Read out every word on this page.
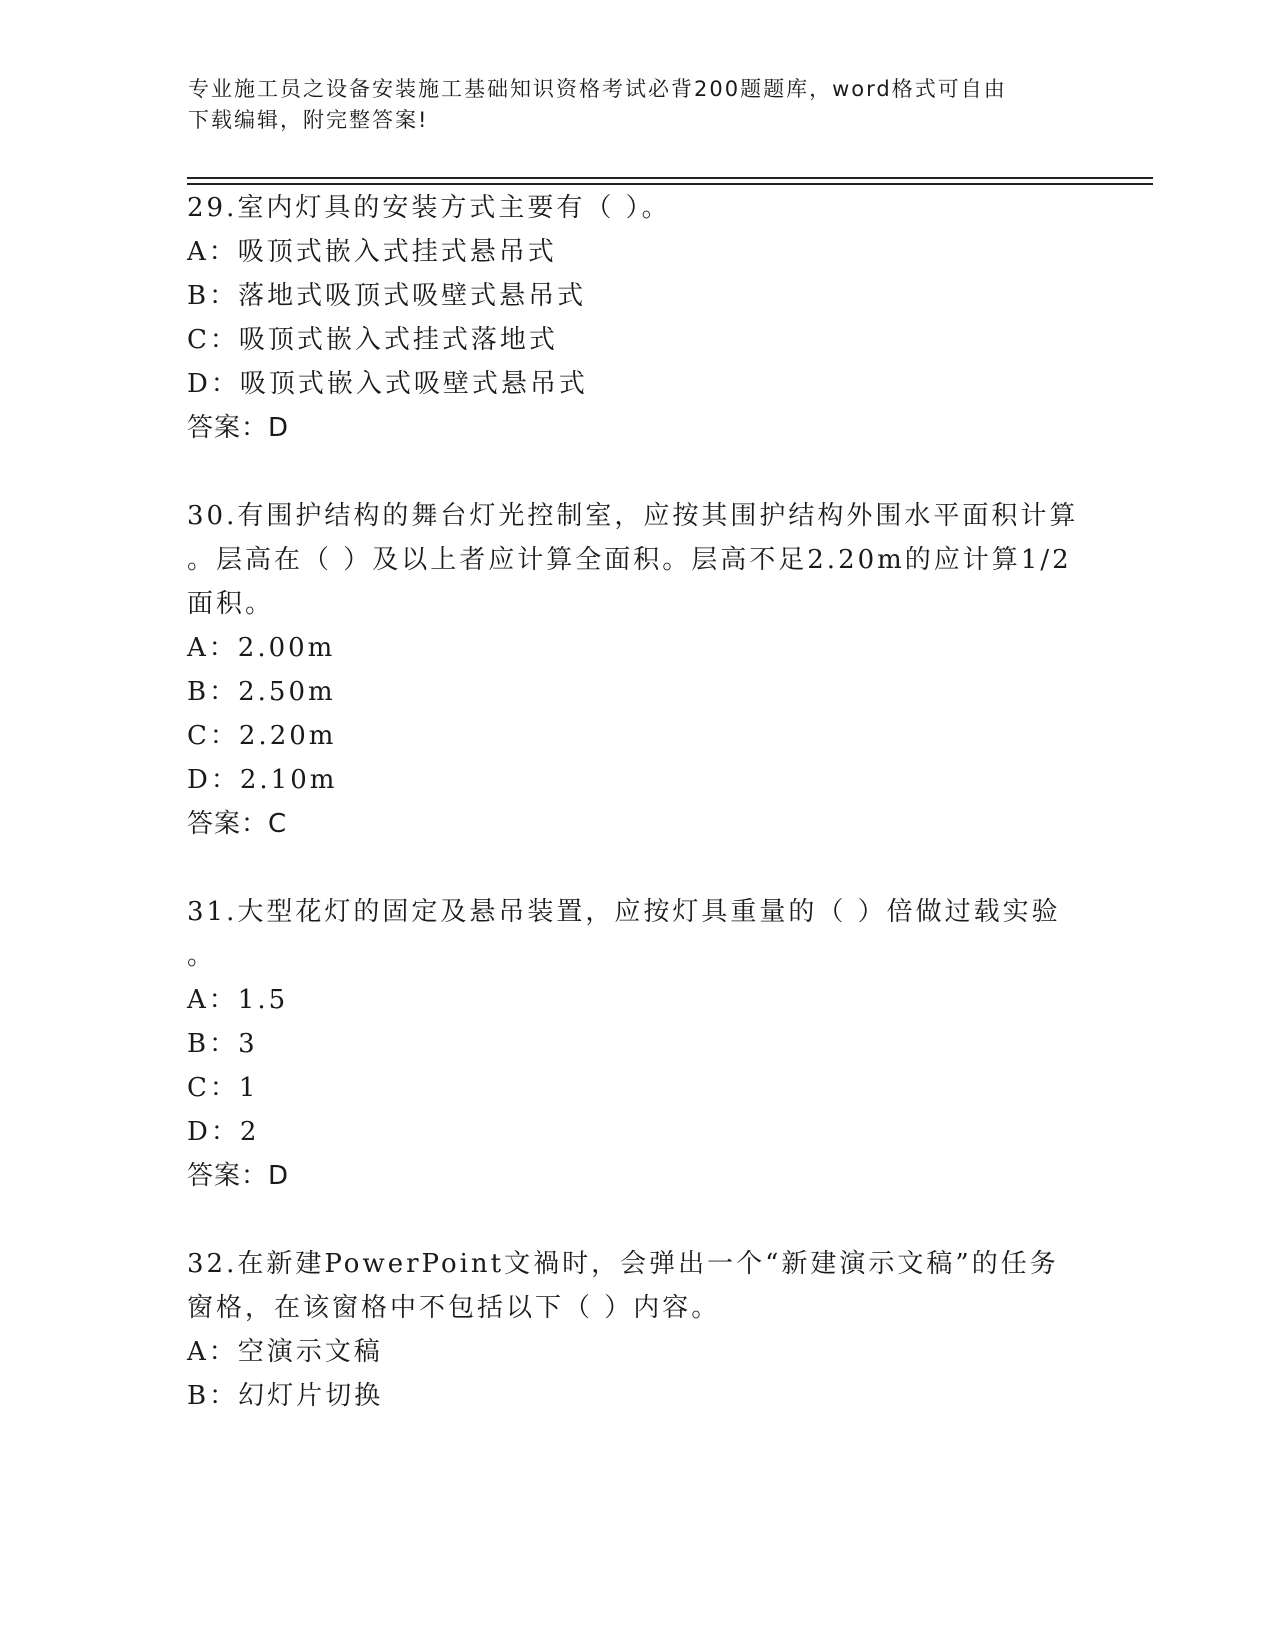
专业施工员之设备安装施工基础知识资格考试必背200题题库，word格式可自由
下载编辑，附完整答案!

29.室内灯具的安装方式主要有（ ）。

A：吸顶式嵌入式挂式悬吊式

B：落地式吸顶式吸壁式悬吊式

C：吸顶式嵌入式挂式落地式

D：吸顶式嵌入式吸壁式悬吊式

答案：D

30.有围护结构的舞台灯光控制室，应按其围护结构外围水平面积计算

。层高在（ ）及以上者应计算全面积。层高不足2.20m的应计算1/2

面积。

A：2.00m

B：2.50m

C：2.20m

D：2.10m

答案：C

31.大型花灯的固定及悬吊装置，应按灯具重量的（ ）倍做过载实验

。

A：1.5

B：3

C：1

D：2

答案：D

32.在新建PowerPoint文禍时，会弹出一个“新建演示文稿”的任务

窗格，在该窗格中不包括以下（ ）内容。

A：空演示文稿

B：幻灯片切换
